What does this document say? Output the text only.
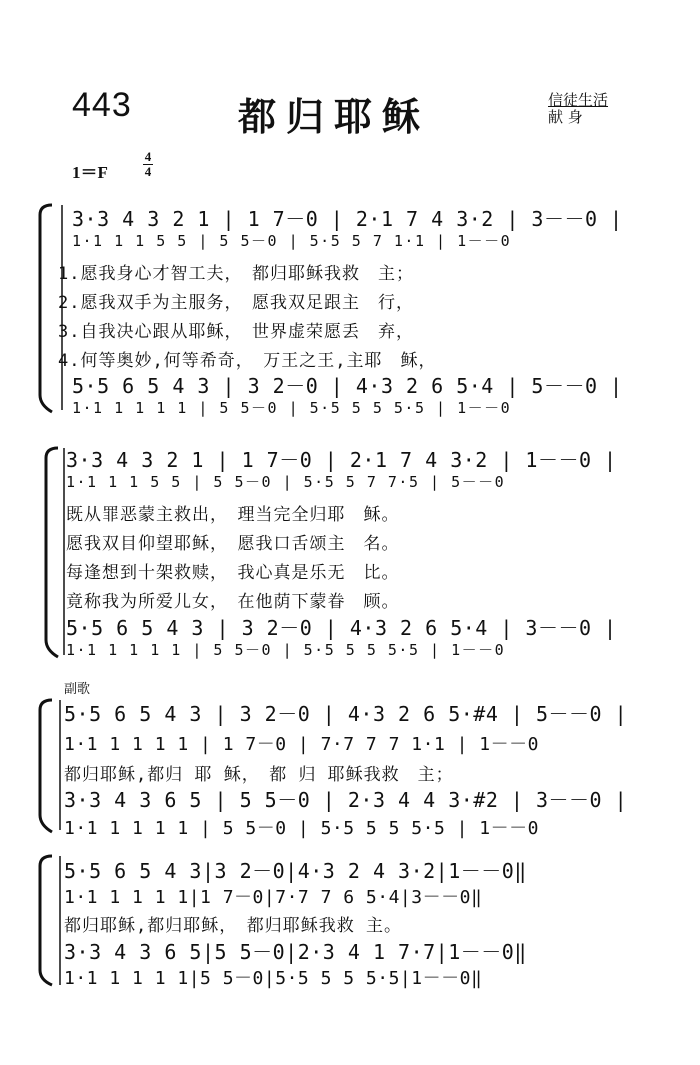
443	都归耶稣	信徒生活
献 身
1＝F
4
4
3·3 4 3 2 1 | 1 7－0 | 2·1 7 4 3·2 | 3－－0 |
1·1 1 1 5 5 | 5 5－0 | 5·5 5 7 1·1 | 1－－0
1.愿我身心才智工夫，　都归耶稣我救　主；
2.愿我双手为主服务，　愿我双足跟主　行，
3.自我决心跟从耶稣，　世界虚荣愿丢　弃，
4.何等奥妙,何等希奇，　万王之王,主耶　稣，
5·5 6 5 4 3 | 3 2－0 | 4·3 2 6 5·4 | 5－－0 |
1·1 1 1 1 1 | 5 5－0 | 5·5 5 5 5·5 | 1－－0
3·3 4 3 2 1 | 1 7－0 | 2·1 7 4 3·2 | 1－－0 |
1·1 1 1 5 5 | 5 5－0 | 5·5 5 7 7·5 | 5－－0
既从罪恶蒙主救出，　理当完全归耶　稣。
愿我双目仰望耶稣，　愿我口舌颂主　名。
每逢想到十架救赎，　我心真是乐无　比。
竟称我为所爱儿女，　在他荫下蒙眷　顾。
5·5 6 5 4 3 | 3 2－0 | 4·3 2 6 5·4 | 3－－0 |
1·1 1 1 1 1 | 5 5－0 | 5·5 5 5 5·5 | 1－－0
副歌
5·5 6 5 4 3 | 3 2－0 | 4·3 2 6 5·#4 | 5－－0 |
1·1 1 1 1 1 | 1 7－0 | 7·7 7 7 1·1 | 1－－0
都归耶稣,都归 耶 稣，　都 归 耶稣我救　主；
3·3 4 3 6 5 | 5 5－0 | 2·3 4 4 3·#2 | 3－－0 |
1·1 1 1 1 1 | 5 5－0 | 5·5 5 5 5·5 | 1－－0
5·5 6 5 4 3|3 2－0|4·3 2 4 3·2|1－－0‖
1·1 1 1 1 1|1 7－0|7·7 7 6 5·4|3－－0‖
都归耶稣,都归耶稣，　都归耶稣我救 主。
3·3 4 3 6 5|5 5－0|2·3 4 1 7·7|1－－0‖
1·1 1 1 1 1|5 5－0|5·5 5 5 5·5|1－－0‖
